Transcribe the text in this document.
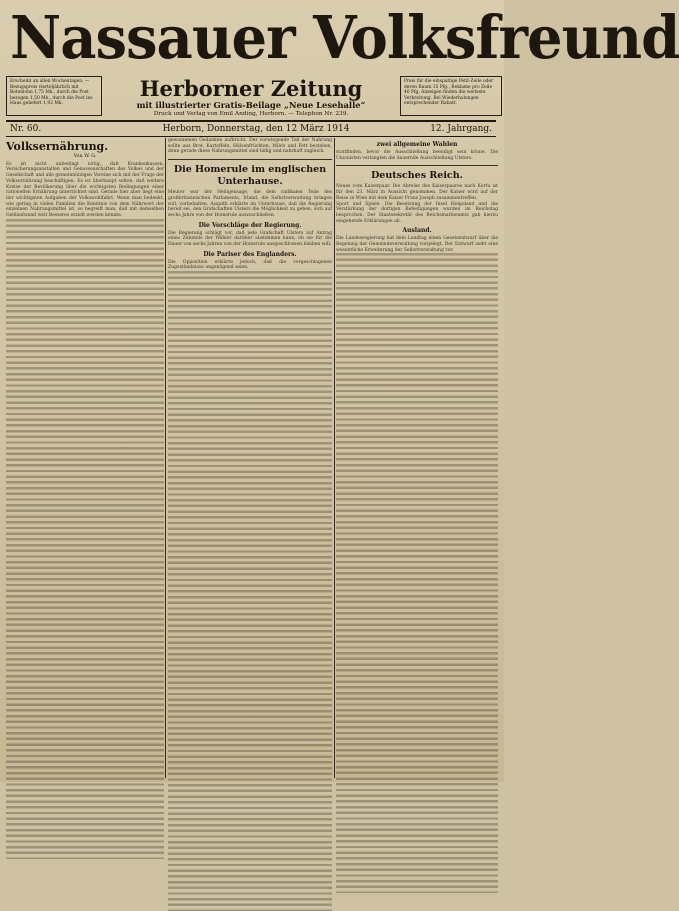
Nassauer Volksfreund
Erscheint an allen Wochentagen. — Bezugspreis vierteljährlich mit Botenlohn 1,75 Mk., durch die Post bezogen 1,50 Mk., durch die Post ins Haus geliefert 1,92 Mk.
Herborner Zeitung
mit illustrierter Gratis-Beilage „Neue Lesehalle“
Druck und Verlag von Emil Anding, Herborn. — Telephon Nr. 239.
Preis für die einspaltige Petit-Zeile oder deren Raum 15 Pfg., Reklame pro Zeile 40 Pfg. Anzeigen finden die weiteste Verbreitung. Bei Wiederholungen entsprechender Rabatt.
Nr. 60.	Herborn, Donnerstag, den 12 März 1914	12. Jahrgang.
Volksernährung.
Von W. G.
Es ist nicht unbedingt nötig, daß Krankenkassen, Versicherungsanstalten und Genossenschaften des Volkes und der Gesellschaft und alle gemeinnützigen Vereine sich mit der Frage der Volksernährung beschäftigen. Es ist überhaupt selten, daß weitere Kreise der Bevölkerung über die wichtigsten Bedingungen einer rationellen Ernährung unterrichtet sind. Gerade hier aber liegt eine der wichtigsten Aufgaben der Volkswohlfahrt. Wenn man bedenkt, wie gering in vielen Familien die Kenntnis von dem Nährwert der einzelnen Nahrungsmittel ist, so begreift man, daß mit demselben Geldaufwand weit Besseres erzielt werden könnte.
gewonnenen Gedanken aufbricht. Der vorwiegende Teil der Nahrung sollte aus Brot, Kartoffeln, Hülsenfrüchten, Milch und Fett bestehen, denn gerade diese Nahrungsmittel sind billig und nahrhaft zugleich.
Die Homerule im englischen Unterhause.
Meuter war der Heiligensage, die dem radikalen Teile des großbritannischen Parlaments, Irland, die Selbstverwaltung bringen soll, vorbehalten. Asquith erklärte im Unterhause, daß die Regierung bereit sei, den Grafschaften Ulsters die Möglichkeit zu geben, sich auf sechs Jahre von der Homerule auszuschließen.
Die Vorschläge der Regierung.
Die Regierung schlägt vor, daß jede Grafschaft Ulsters auf Antrag eines Zehntels der Wähler darüber abstimmen kann, ob sie für die Dauer von sechs Jahren von der Homerule ausgeschlossen bleiben will.
Die Pariser des Englanders.
Die Opposition erklärte jedoch, daß die vorgeschlagenen Zugeständnisse ungenügend seien.
zwei allgemeine Wahlen
stattfinden, bevor die Ausschließung beendigt sein könne. Die Unionisten verlangten die dauernde Ausschließung Ulsters.
Deutsches Reich.
Neues vom Kaiserpaar. Die Abreise des Kaiserpaares nach Korfu ist für den 23. März in Aussicht genommen. Der Kaiser wird auf der Reise in Wien mit dem Kaiser Franz Joseph zusammentreffen.
Sport und Spiele. Die Besetzung der Insel Helgoland und die Verstärkung der dortigen Befestigungen wurden im Reichstag besprochen. Der Staatssekretär des Reichsmarineamts gab hierzu eingehende Erklärungen ab.
Ausland.
Die Landesregierung hat dem Landtag einen Gesetzentwurf über die Regelung der Gemeindeverwaltung vorgelegt. Der Entwurf sieht eine wesentliche Erweiterung der Selbstverwaltung vor.
